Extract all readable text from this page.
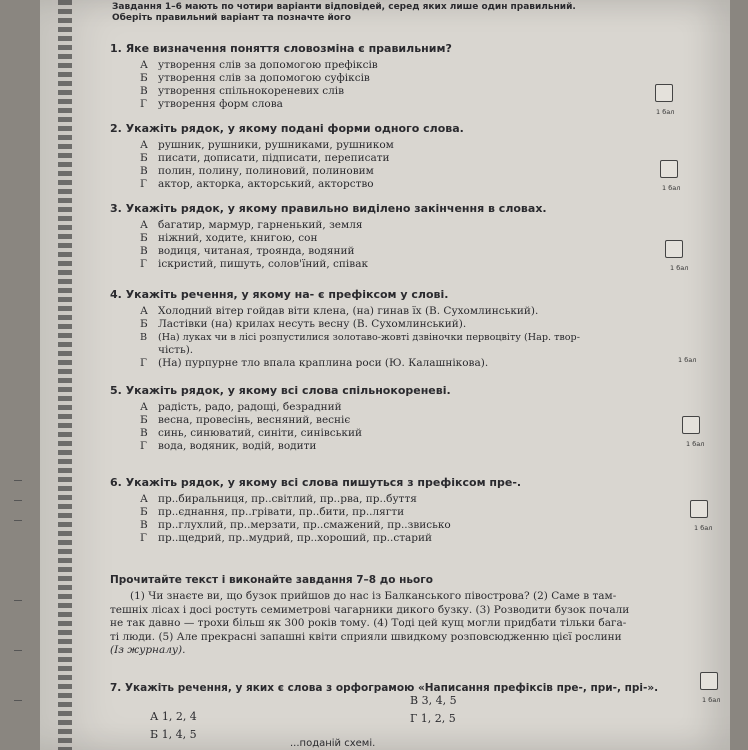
Завдання 1–6 мають по чотири варіанти відповідей, серед яких лише один правильний.
Оберіть правильний варіант та позначте його
1. Яке визначення поняття словозміна є правильним?
А утворення слів за допомогою префіксів
Б утворення слів за допомогою суфіксів
В утворення спільнокореневих слів
Г утворення форм слова
1 бал
2. Укажіть рядок, у якому подані форми одного слова.
А рушник, рушники, рушниками, рушником
Б писати, дописати, підписати, переписати
В полин, полину, полиновий, полиновим
Г актор, акторка, акторський, акторство	1 бал
3. Укажіть рядок, у якому правильно виділено закінчення в словах.
А багатир, мармур, гарненький, земля
Б ніжний, ходите, книгою, сон
В водиця, читаная, троянда, водяний
Г іскристий, пишуть, солов'їний, співак	1 бал
4. Укажіть речення, у якому на- є префіксом у слові.
А Холодний вітер гойдав віти клена, (на) гинав їх (В. Сухомлинський).
Б Ластівки (на) крилах несуть весну (В. Сухомлинський).
В (На) луках чи в лісі розпустилися золотаво-жовті дзвіночки первоцвіту (Нар. твор-
чість).
Г (На) пурпурне тло впала краплина роси (Ю. Калашнікова).	1 бал
5. Укажіть рядок, у якому всі слова спільнокореневі.
А радість, радо, радощі, безрадний
Б весна, провесінь, весняний, весніє
В синь, синюватий, синіти, синівський
Г вода, водяник, водій, водити	1 бал
6. Укажіть рядок, у якому всі слова пишуться з префіксом пре-.
А пр..биральниця, пр..світлий, пр..рва, пр..буття
Б пр..єднання, пр..грівати, пр..бити, пр..лягти
В пр..глухлий, пр..мерзати, пр..смажений, пр..звисько
Г пр..щедрий, пр..мудрий, пр..хороший, пр..старий
1 бал
Прочитайте текст і виконайте завдання 7–8 до нього
(1) Чи знаєте ви, що бузок прийшов до нас із Балканського півострова? (2) Саме в там-
тешніх лісах і досі ростуть семиметрові чагарники дикого бузку. (3) Розводити бузок почали
не так давно — трохи більш як 300 років тому. (4) Тоді цей кущ могли придбати тільки бага-
ті люди. (5) Але прекрасні запашні квіти сприяли швидкому розповсюдженню цієї рослини
(Із журналу).
7. Укажіть речення, у яких є слова з орфограмою «Написання префіксів пре-, при-, прі-».
А 1, 2, 4
Б 1, 4, 5
В 3, 4, 5
Г 1, 2, 5
1 бал
...поданій схемі.
